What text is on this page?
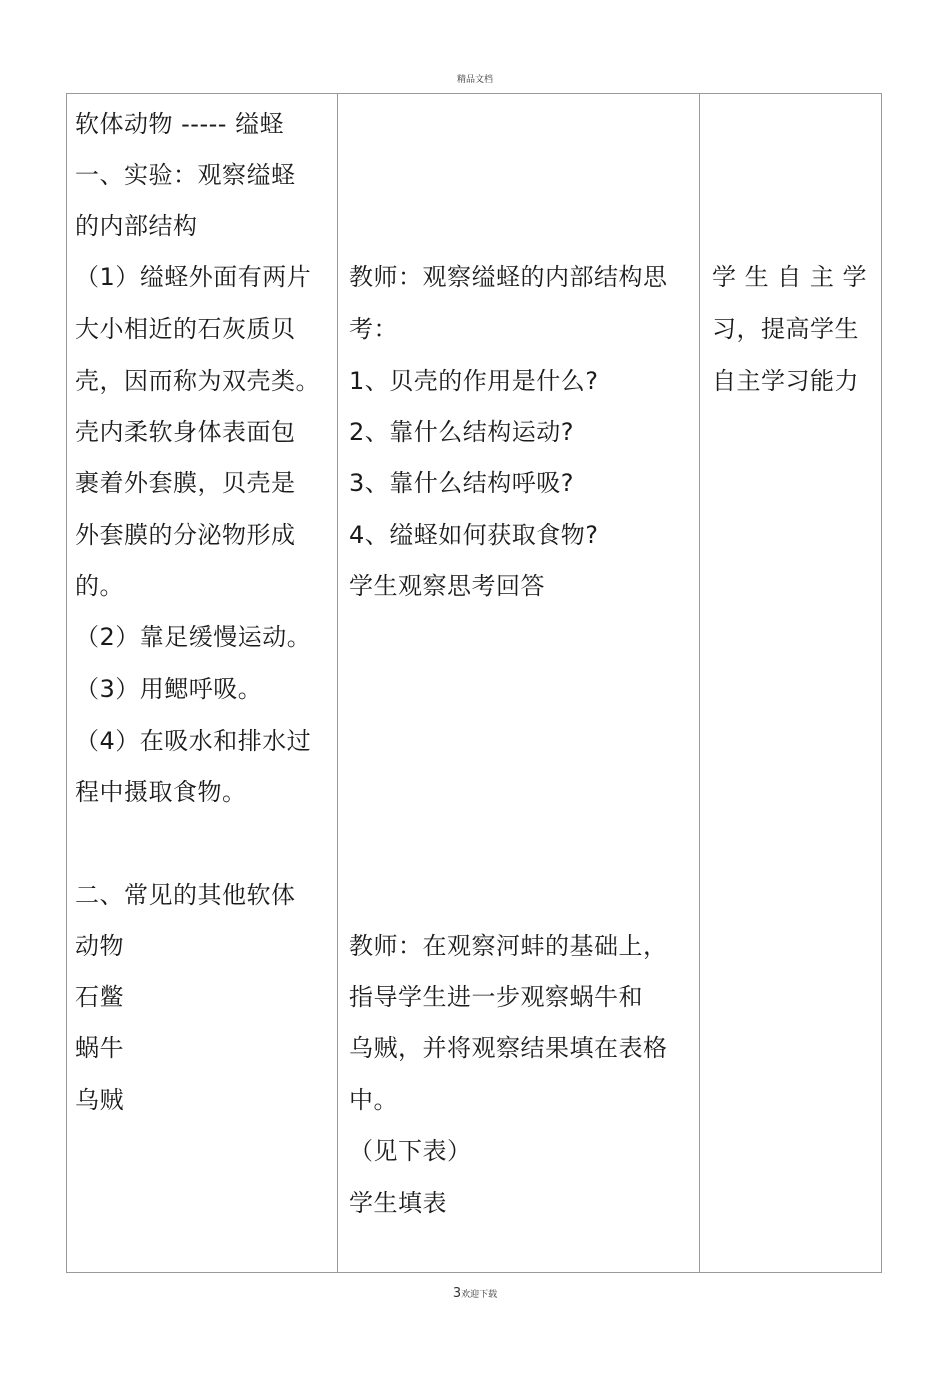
精品文档
软体动物 ----- 缢蛏
一、实验：观察缢蛏
的内部结构
（1）缢蛏外面有两片
大小相近的石灰质贝
壳，因而称为双壳类。
壳内柔软身体表面包
裹着外套膜，贝壳是
外套膜的分泌物形成
的。
（2）靠足缓慢运动。
（3）用鳃呼吸。
（4）在吸水和排水过
程中摄取食物。
二、常见的其他软体
动物
石鳖
蜗牛
乌贼
教师：观察缢蛏的内部结构思
考：
1、贝壳的作用是什么?
2、靠什么结构运动?
3、靠什么结构呼吸?
4、缢蛏如何获取食物?
学生观察思考回答
教师：在观察河蚌的基础上，
指导学生进一步观察蜗牛和
乌贼，并将观察结果填在表格
中。
（见下表）
学生填表
学 生 自 主 学
习，提高学生
自主学习能力
3欢迎下载
